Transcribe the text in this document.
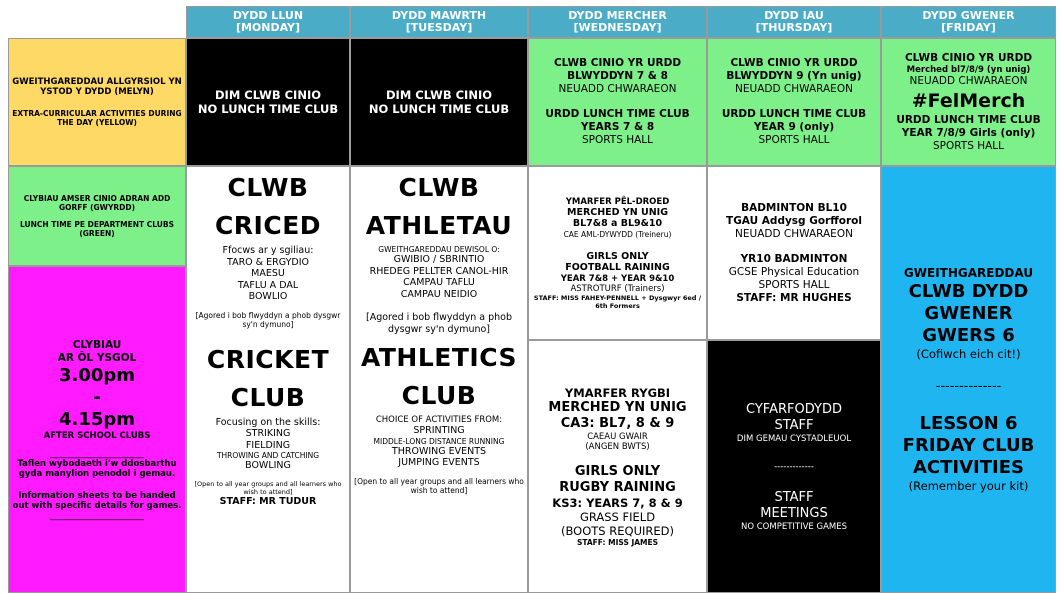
DYDD LLUN
[MONDAY]
DYDD MAWRTH
[TUESDAY]
DYDD MERCHER
[WEDNESDAY]
DYDD IAU
[THURSDAY]
DYDD GWENER
[FRIDAY]
GWEITHGAREDDAU ALLGYRSIOL YN YSTOD Y DYDD (MELYN)
EXTRA-CURRICULAR ACTIVITIES DURING THE DAY (YELLOW)
CLYBIAU AMSER CINIO ADRAN ADD GORFF (GWYRDD)
LUNCH TIME PE DEPARTMENT CLUBS (GREEN)
CLYBIAU
AR ÔL YSGOL
3.00pm
-
4.15pm
AFTER SCHOOL CLUBS
______________________
Taflen wybodaeth i'w ddosbarthu gyda manylion penodol i gemau.
Information sheets to be handed out with specific details for games.
______________________
DIM CLWB CINIO
NO LUNCH TIME CLUB
CLWB
CRICED
Ffocws ar y sgiliau:
TARO & ERGYDIO
MAESU
TAFLU A DAL
BOWLIO
[Agored i bob flwyddyn a phob dysgwr sy'n dymuno]
CRICKET
CLUB
Focusing on the skills:
STRIKING
FIELDING
THROWING AND CATCHING
BOWLING
[Open to all year groups and all learners who wish to attend]
STAFF: MR TUDUR
DIM CLWB CINIO
NO LUNCH TIME CLUB
CLWB
ATHLETAU
GWEITHGAREDDAU DEWISOL O:
GWIBIO / SBRINTIO
RHEDEG PELLTER CANOL-HIR
CAMPAU TAFLU
CAMPAU NEIDIO
[Agored i bob flwyddyn a phob dysgwr sy'n dymuno]
ATHLETICS
CLUB
CHOICE OF ACTIVITIES FROM:
SPRINTING
MIDDLE-LONG DISTANCE RUNNING
THROWING EVENTS
JUMPING EVENTS
[Open to all year groups and all learners who wish to attend]
CLWB CINIO YR URDD
BLWYDDYN 7 & 8
NEUADD CHWARAEON
URDD LUNCH TIME CLUB
YEARS 7 & 8
SPORTS HALL
YMARFER PÊL-DROED
MERCHED YN UNIG
BL7&8 a BL9&10
CAE AML-DYWYDD (Treineru)
GIRLS ONLY
FOOTBALL RAINING
YEAR 7&8 + YEAR 9&10
ASTROTURF (Trainers)
STAFF: MISS FAHEY-PENNELL + Dysgwyr 6ed / 6th Formers
YMARFER RYGBI
MERCHED YN UNIG
CA3: BL7, 8 & 9
CAEAU GWAIR
(ANGEN BWTS)
GIRLS ONLY
RUGBY RAINING
KS3: YEARS 7, 8 & 9
GRASS FIELD
(BOOTS REQUIRED)
STAFF: MISS JAMES
CLWB CINIO YR URDD
BLWYDDYN 9 (Yn unig)
NEUADD CHWARAEON
URDD LUNCH TIME CLUB
YEAR 9 (only)
SPORTS HALL
BADMINTON BL10
TGAU Addysg Gorfforol
NEUADD CHWARAEON
YR10 BADMINTON
GCSE Physical Education
SPORTS HALL
STAFF: MR HUGHES
CYFARFODYDD
STAFF
DIM GEMAU CYSTADLEUOL
-------------
STAFF
MEETINGS
NO COMPETITIVE GAMES
CLWB CINIO YR URDD
Merched bl7/8/9 (yn unig)
NEUADD CHWARAEON
#FelMerch
URDD LUNCH TIME CLUB
YEAR 7/8/9 Girls (only)
SPORTS HALL
GWEITHGAREDDAU
CLWB DYDD
GWENER
GWERS 6
(Cofiwch eich cit!)
--------------
LESSON 6
FRIDAY CLUB
ACTIVITIES
(Remember your kit)
